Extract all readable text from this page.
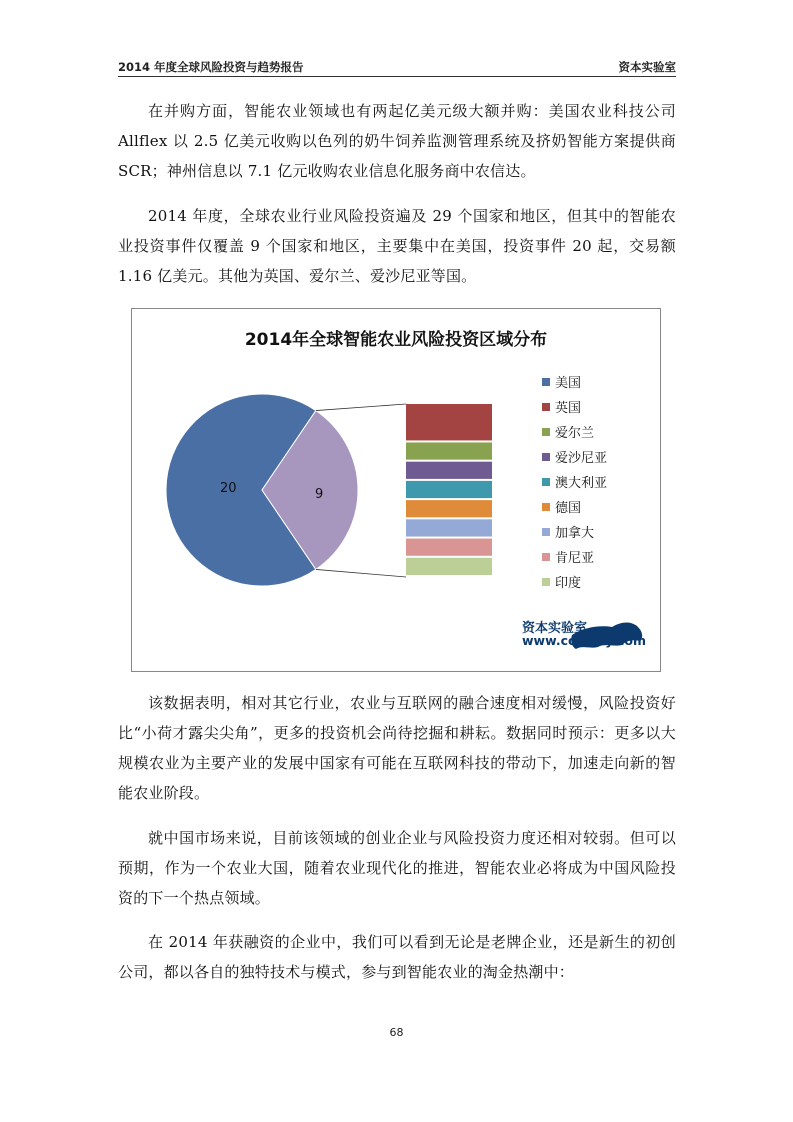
2014 年度全球风险投资与趋势报告	资本实验室

在并购方面，智能农业领域也有两起亿美元级大额并购：美国农业科技公司 Allflex 以 2.5 亿美元收购以色列的奶牛饲养监测管理系统及挤奶智能方案提供商 SCR；神州信息以 7.1 亿元收购农业信息化服务商中农信达。

2014 年度，全球农业行业风险投资遍及 29 个国家和地区，但其中的智能农业投资事件仅覆盖 9 个国家和地区，主要集中在美国，投资事件 20 起，交易额 1.16 亿美元。其他为英国、爱尔兰、爱沙尼亚等国。

2014年全球智能农业风险投资区域分布
20	9
美国
英国
爱尔兰
爱沙尼亚
澳大利亚
德国
加拿大
肯尼亚
印度
资本实验室
www.coinsay.com

该数据表明，相对其它行业，农业与互联网的融合速度相对缓慢，风险投资好比“小荷才露尖尖角”，更多的投资机会尚待挖掘和耕耘。数据同时预示：更多以大规模农业为主要产业的发展中国家有可能在互联网科技的带动下，加速走向新的智能农业阶段。

就中国市场来说，目前该领域的创业企业与风险投资力度还相对较弱。但可以预期，作为一个农业大国，随着农业现代化的推进，智能农业必将成为中国风险投资的下一个热点领域。

在 2014 年获融资的企业中，我们可以看到无论是老牌企业，还是新生的初创公司，都以各自的独特技术与模式，参与到智能农业的淘金热潮中：

68
